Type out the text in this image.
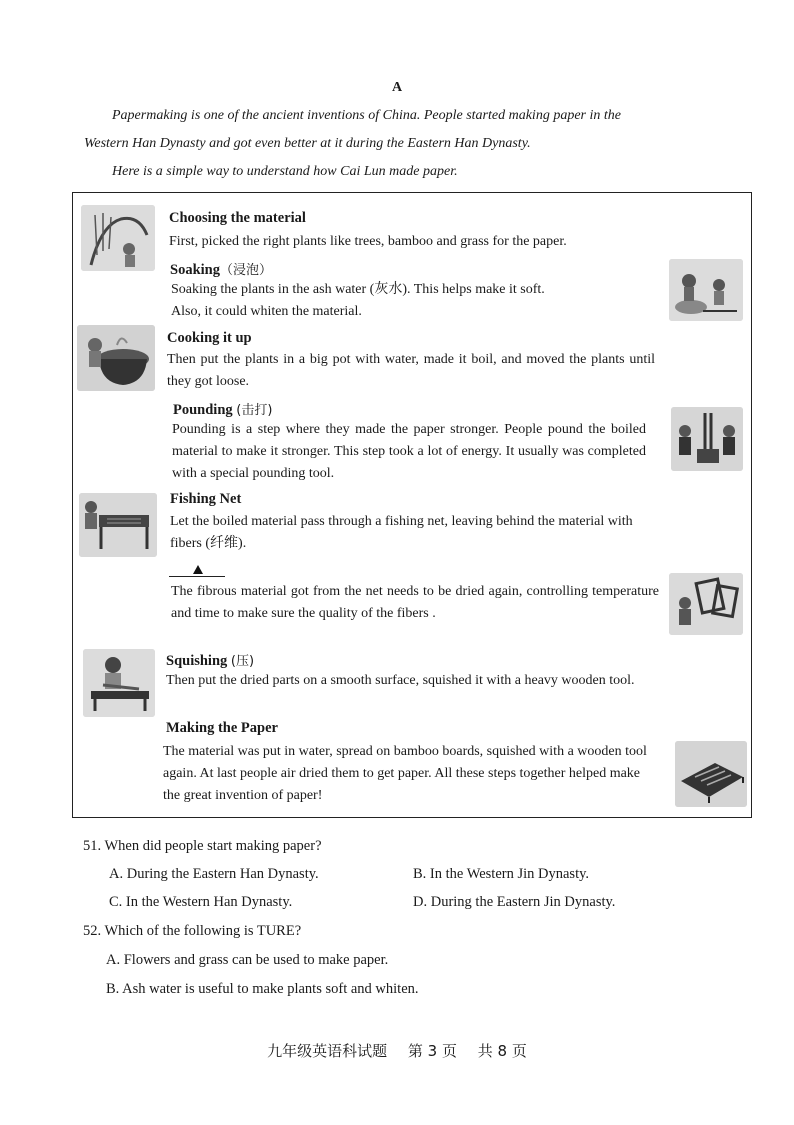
A
Papermaking is one of the ancient inventions of China. People started making paper in the
Western Han Dynasty and got even better at it during the Eastern Han Dynasty.
Here is a simple way to understand how Cai Lun made paper.
Choosing the material
First, picked the right plants like trees, bamboo and grass for the paper.
Soaking（浸泡）
Soaking the plants in the ash water (灰水). This helps make it soft.
Also, it could whiten the material.
Cooking it up
Then put the plants in a big pot with water, made it boil, and moved the plants until they got loose.
Pounding (击打)
Pounding is a step where they made the paper stronger. People pound the boiled material to make it stronger. This step took a lot of energy. It usually was completed with a special pounding tool.
Fishing Net
Let the boiled material pass through a fishing net, leaving behind the material with fibers (纤维).
The fibrous material got from the net needs to be dried again, controlling temperature and time to make sure the quality of the fibers .
Squishing (压)
Then put the dried parts on a smooth surface, squished it with a heavy wooden tool.
Making the Paper
The material was put in water, spread on bamboo boards, squished with a wooden tool again. At last people air dried them to get paper. All these steps together helped make the great invention of paper!
51. When did people start making paper?
A. During the Eastern Han Dynasty.	B. In the Western Jin Dynasty.
C. In the Western Han Dynasty.	D. During the Eastern Jin Dynasty.
52. Which of the following is TURE?
A. Flowers and grass can be used to make paper.
B. Ash water is useful to make plants soft and whiten.
九年级英语科试题 第 3 页 共 8 页
